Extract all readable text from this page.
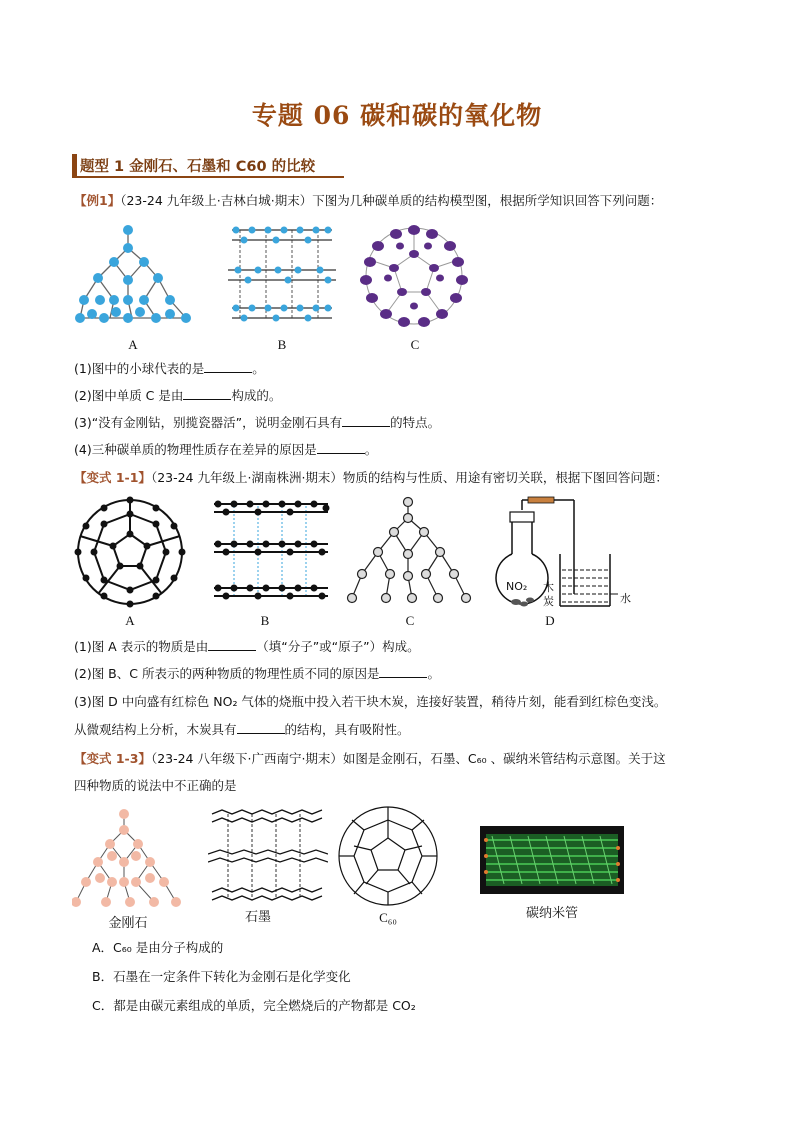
专题 06 碳和碳的氧化物
题型 1 金刚石、石墨和 C60 的比较
【例1】（23-24 九年级上·吉林白城·期末）下图为几种碳单质的结构模型图，根据所学知识回答下列问题：
A	B	C
(1)图中的小球代表的是	。
(2)图中单质 C 是由	构成的。
(3)“没有金刚钻，别揽瓷器活”，说明金刚石具有	的特点。
(4)三种碳单质的物理性质存在差异的原因是	。
【变式 1-1】（23-24 九年级上·湖南株洲·期末）物质的结构与性质、用途有密切关联，根据下图回答问题：
A	B	C
NO₂ 木
炭	水
D
(1)图 A 表示的物质是由	（填“分子”或“原子”）构成。
(2)图 B、C 所表示的两种物质的物理性质不同的原因是	。
(3)图 D 中向盛有红棕色 NO₂ 气体的烧瓶中投入若干块木炭，连接好装置，稍待片刻，能看到红棕色变浅。
从微观结构上分析，木炭具有	的结构，具有吸附性。
【变式 1-3】（23-24 八年级下·广西南宁·期末）如图是金刚石，石墨、C₆₀ 、碳纳米管结构示意图。关于这
四种物质的说法中不正确的是
金刚石	石墨	C₆₀	碳纳米管
A．C₆₀ 是由分子构成的
B．石墨在一定条件下转化为金刚石是化学变化
C．都是由碳元素组成的单质，完全燃烧后的产物都是 CO₂
